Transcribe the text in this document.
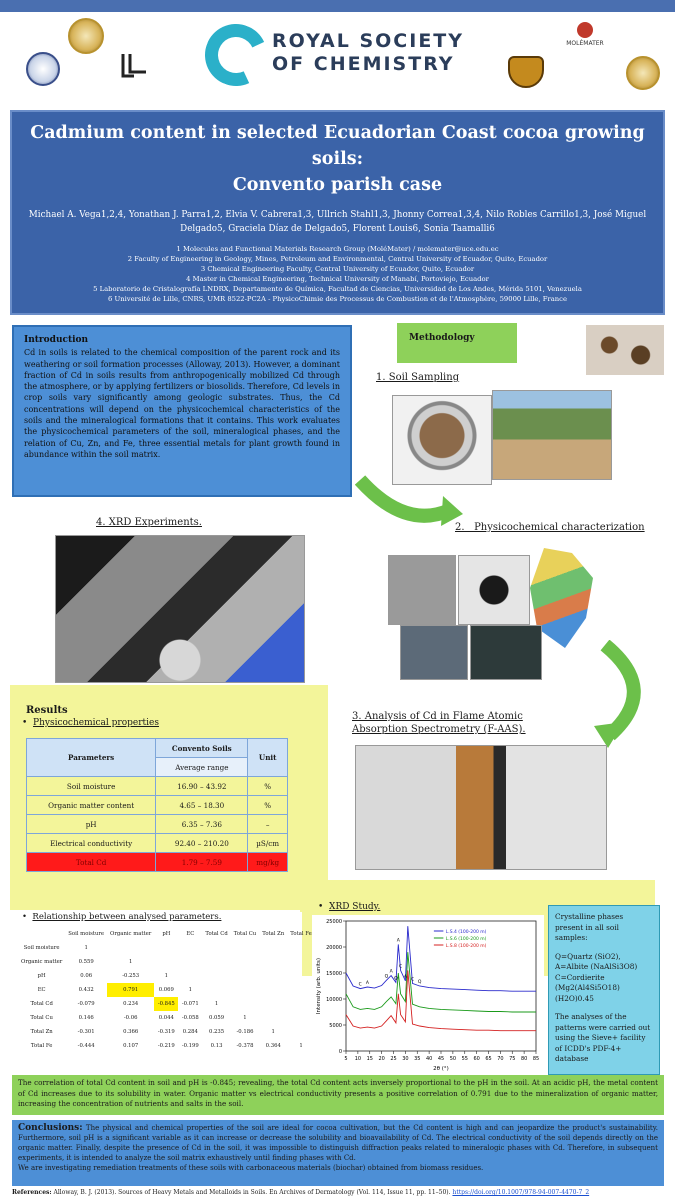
ROYAL SOCIETY
OF CHEMISTRY
MOLÉMATER
Cadmium content in selected Ecuadorian Coast cocoa growing soils:
Convento parish case
Michael A. Vega1,2,4, Yonathan J. Parra1,2, Elvia V. Cabrera1,3, Ullrich Stahl1,3, Jhonny Correa1,3,4, Nilo Robles Carrillo1,3, José Miguel Delgado5, Graciela Díaz de Delgado5, Florent Louis6, Sonia Taamalli6
1 Molecules and Functional Materials Research Group (MoléMater) / molemater@uce.edu.ec
2 Faculty of Engineering in Geology, Mines, Petroleum and Environmental, Central University of Ecuador, Quito, Ecuador
3 Chemical Engineering Faculty, Central University of Ecuador, Quito, Ecuador
4 Master in Chemical Engineering, Technical University of Manabí, Portoviejo, Ecuador
5 Laboratorio de Cristalografía LNDRX, Departamento de Química, Facultad de Ciencias, Universidad de Los Andes, Mérida 5101, Venezuela
6 Université de Lille, CNRS, UMR 8522-PC2A - PhysicoChimie des Processus de Combustion et de l'Atmosphère, 59000 Lille, France
Introduction
Cd in soils is related to the chemical composition of the parent rock and its weathering or soil formation processes (Alloway, 2013). However, a dominant fraction of Cd in soils results from anthropogenically mobilized Cd through the atmosphere, or by applying fertilizers or biosolids. Therefore, Cd levels in crop soils vary significantly among geologic substrates. Thus, the Cd concentrations will depend on the physicochemical characteristics of the soils and the mineralogical formations that it contains. This work evaluates the physicochemical parameters of the soil, mineralogical phases, and the relation of Cu, Zn, and Fe, three essential metals for plant growth found in abundance within the soil matrix.
Methodology
1. Soil Sampling
4. XRD Experiments.	2.   Physicochemical characterization
3. Analysis of Cd in Flame Atomic Absorption Spectrometry (F-AAS).
Results
•  Physicochemical properties
Parameters	Convento Soils	Unit
	Average range	
Soil moisture	16.90 – 43.92	%
Organic matter content	4.65 – 18.30	%
pH	6.35 – 7.36	–
Electrical conductivity	92.40 – 210.20	µS/cm
Total Cd	1.79 – 7.59	mg/kg
•  Relationship between analysed parameters.
	Soil moisture	Organic matter	pH	EC	Total Cd	Total Cu	Total Zn	Total Fe
Soil moisture	1							
Organic matter	0.559	1						
pH	0.06	-0.253	1					
EC	0.432	0.791	0.069	1				
Total Cd	-0.079	0.234	-0.845	-0.071	1			
Total Cu	0.146	-0.06	0.044	-0.058	0.059	1		
Total Zn	-0.301	0.366	-0.319	0.284	0.235	-0.186	1	
Total Fe	-0.444	0.107	-0.219	-0.199	0.13	-0.378	0.364	1
•  XRD Study.
0
5000
10000
15000
20000
25000
5 10 15 20 25 30 35 40 45 50 55 60 65 70 75 80 85
2θ (°)
Intensity (arb. units)
L.S.4 (100-200 m)
L.S.6 (100-200 m)
L.S.8 (100-200 m)
C A
Q
A
Q
A
C
A
C
Q
Crystalline phases present in all soil samples:
Q=Quartz (SiO2),
A=Albite (NaAlSi3O8)
C=Cordierite
(Mg2(Al4Si5O18)(H2O)0.45
The analyses of the patterns were carried out using the Sieve+ facility of ICDD's PDF-4+ database
The correlation of total Cd content in soil and pH is -0.845; revealing, the total Cd content acts inversely proportional to the pH in the soil. At an acidic pH, the metal content of Cd increases due to its solubility in water. Organic matter vs electrical conductivity presents a positive correlation of 0.791 due to the mineralization of organic matter, increasing the concentration of nutrients and salts in the soil.
Conclusions: The physical and chemical properties of the soil are ideal for cocoa cultivation, but the Cd content is high and can jeopardize the product's sustainability. Furthermore, soil pH is a significant variable as it can increase or decrease the solubility and bioavailability of Cd. The electrical conductivity of the soil depends directly on the organic matter. Finally, despite the presence of Cd in the soil, it was impossible to distinguish diffraction peaks related to mineralogic phases with Cd. Therefore, in subsequent experiments, it is intended to analyze the soil matrix exhaustively until finding phases with Cd.
We are investigating remediation treatments of these soils with carbonaceous materials (biochar) obtained from biomass residues.
References: Alloway, B. J. (2013). Sources of Heavy Metals and Metalloids in Soils. En Archives of Dermatology (Vol. 114, Issue 11, pp. 11–50). https://doi.org/10.1007/978-94-007-4470-7_2
